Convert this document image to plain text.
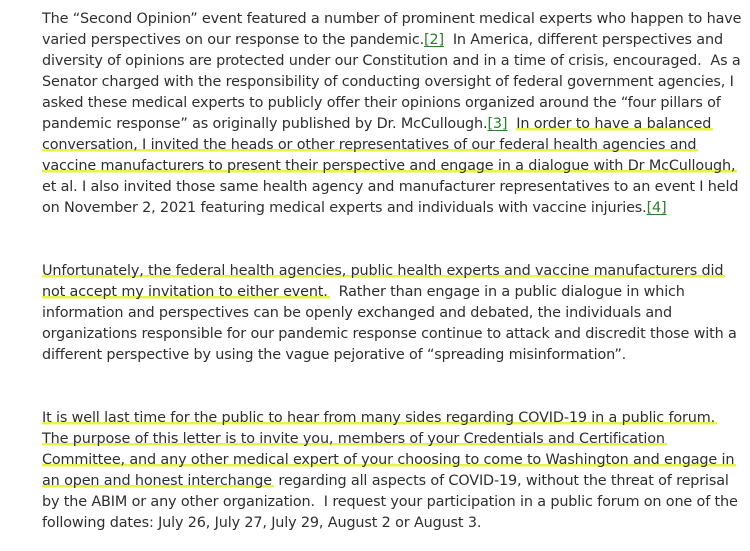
The “Second Opinion” event featured a number of prominent medical experts who happen to have
varied perspectives on our response to the pandemic.[2]  In America, different perspectives and
diversity of opinions are protected under our Constitution and in a time of crisis, encouraged.  As a
Senator charged with the responsibility of conducting oversight of federal government agencies, I
asked these medical experts to publicly offer their opinions organized around the “four pillars of
pandemic response” as originally published by Dr. McCullough.[3] In order to have a balanced
conversation, I invited the heads or other representatives of our federal health agencies and
vaccine manufacturers to present their perspective and engage in a dialogue with Dr McCullough,
et al. I also invited those same health agency and manufacturer representatives to an event I held
on November 2, 2021 featuring medical experts and individuals with vaccine injuries.[4]
Unfortunately, the federal health agencies, public health experts and vaccine manufacturers did
not accept my invitation to either event.  Rather than engage in a public dialogue in which
information and perspectives can be openly exchanged and debated, the individuals and
organizations responsible for our pandemic response continue to attack and discredit those with a
different perspective by using the vague pejorative of “spreading misinformation”.
It is well last time for the public to hear from many sides regarding COVID-19 in a public forum.
The purpose of this letter is to invite you, members of your Credentials and Certification
Committee, and any other medical expert of your choosing to come to Washington and engage in
an open and honest interchange regarding all aspects of COVID-19, without the threat of reprisal
by the ABIM or any other organization.  I request your participation in a public forum on one of the
following dates: July 26, July 27, July 29, August 2 or August 3.
